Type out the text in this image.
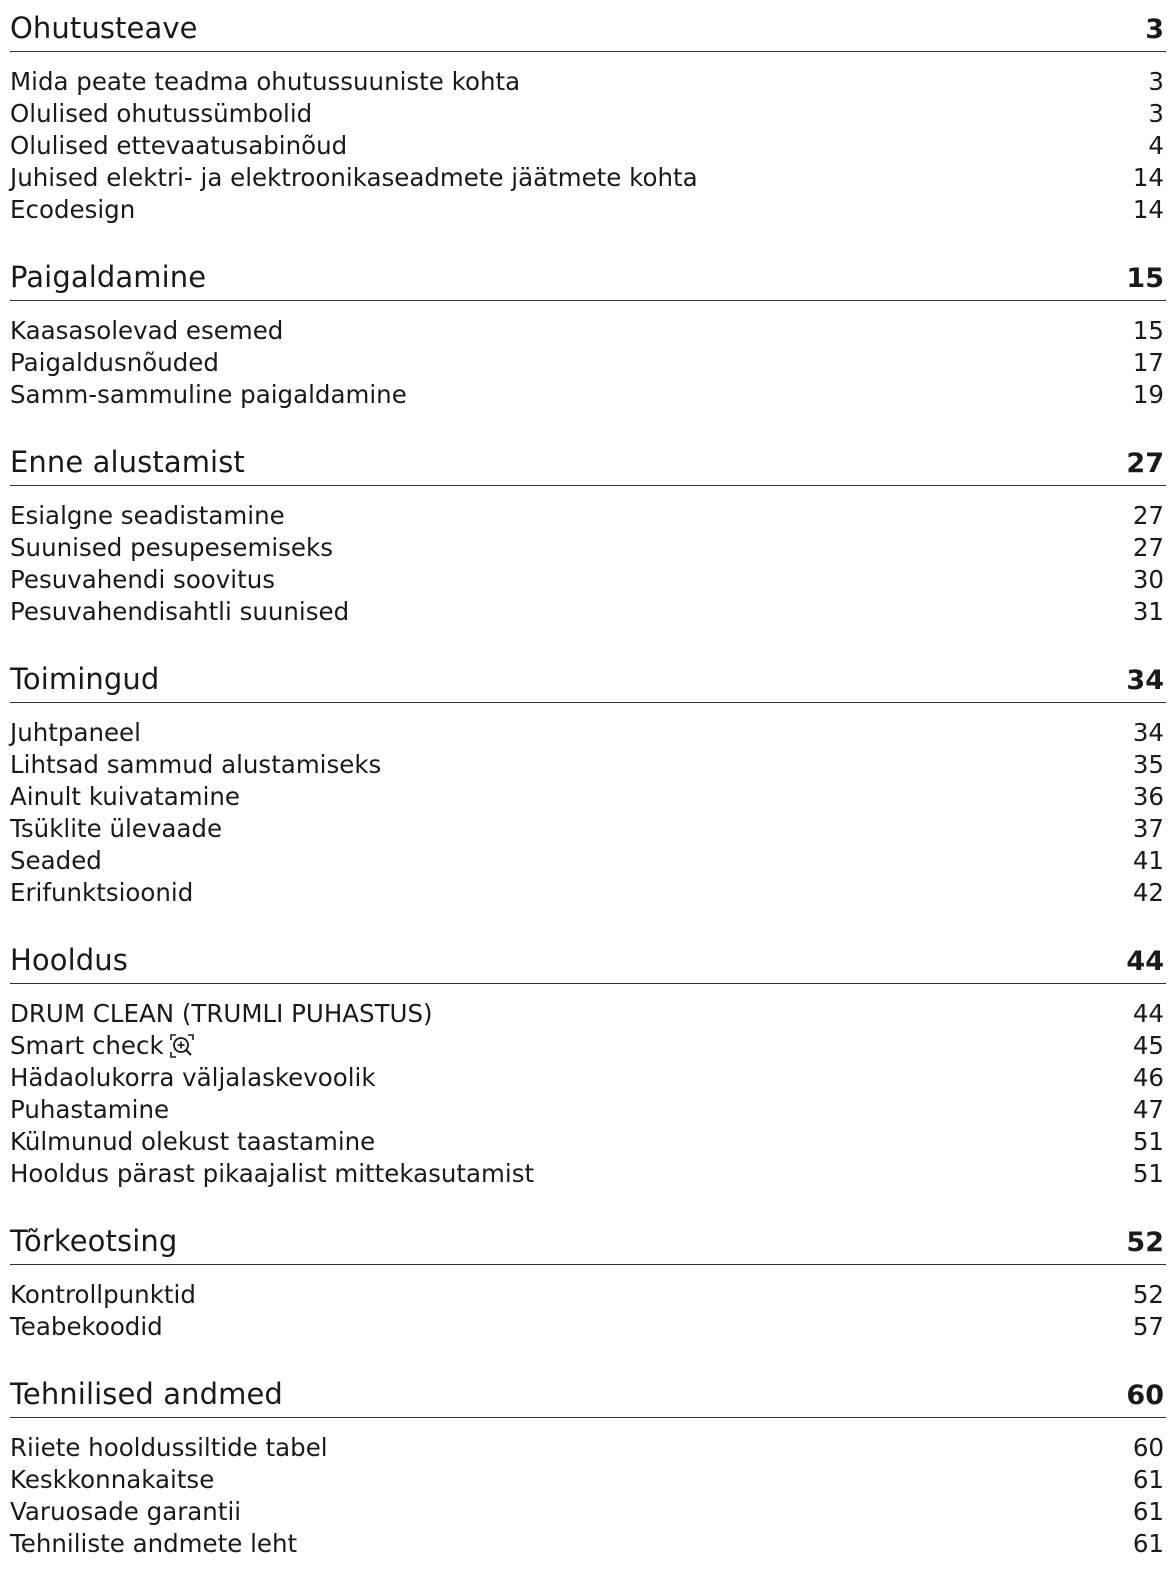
Ohutusteave	3
Mida peate teadma ohutussuuniste kohta	3
Olulised ohutussümbolid	3
Olulised ettevaatusabinõud	4
Juhised elektri- ja elektroonikaseadmete jäätmete kohta	14
Ecodesign	14
Paigaldamine	15
Kaasasolevad esemed	15
Paigaldusnõuded	17
Samm-sammuline paigaldamine	19
Enne alustamist	27
Esialgne seadistamine	27
Suunised pesupesemiseks	27
Pesuvahendi soovitus	30
Pesuvahendisahtli suunised	31
Toimingud	34
Juhtpaneel	34
Lihtsad sammud alustamiseks	35
Ainult kuivatamine	36
Tsüklite ülevaade	37
Seaded	41
Erifunktsioonid	42
Hooldus	44
DRUM CLEAN (TRUMLI PUHASTUS)	44
Smart check	45
Hädaolukorra väljalaskevoolik	46
Puhastamine	47
Külmunud olekust taastamine	51
Hooldus pärast pikaajalist mittekasutamist	51
Tõrkeotsing	52
Kontrollpunktid	52
Teabekoodid	57
Tehnilised andmed	60
Riiete hooldussiltide tabel	60
Keskkonnakaitse	61
Varuosade garantii	61
Tehniliste andmete leht	61
